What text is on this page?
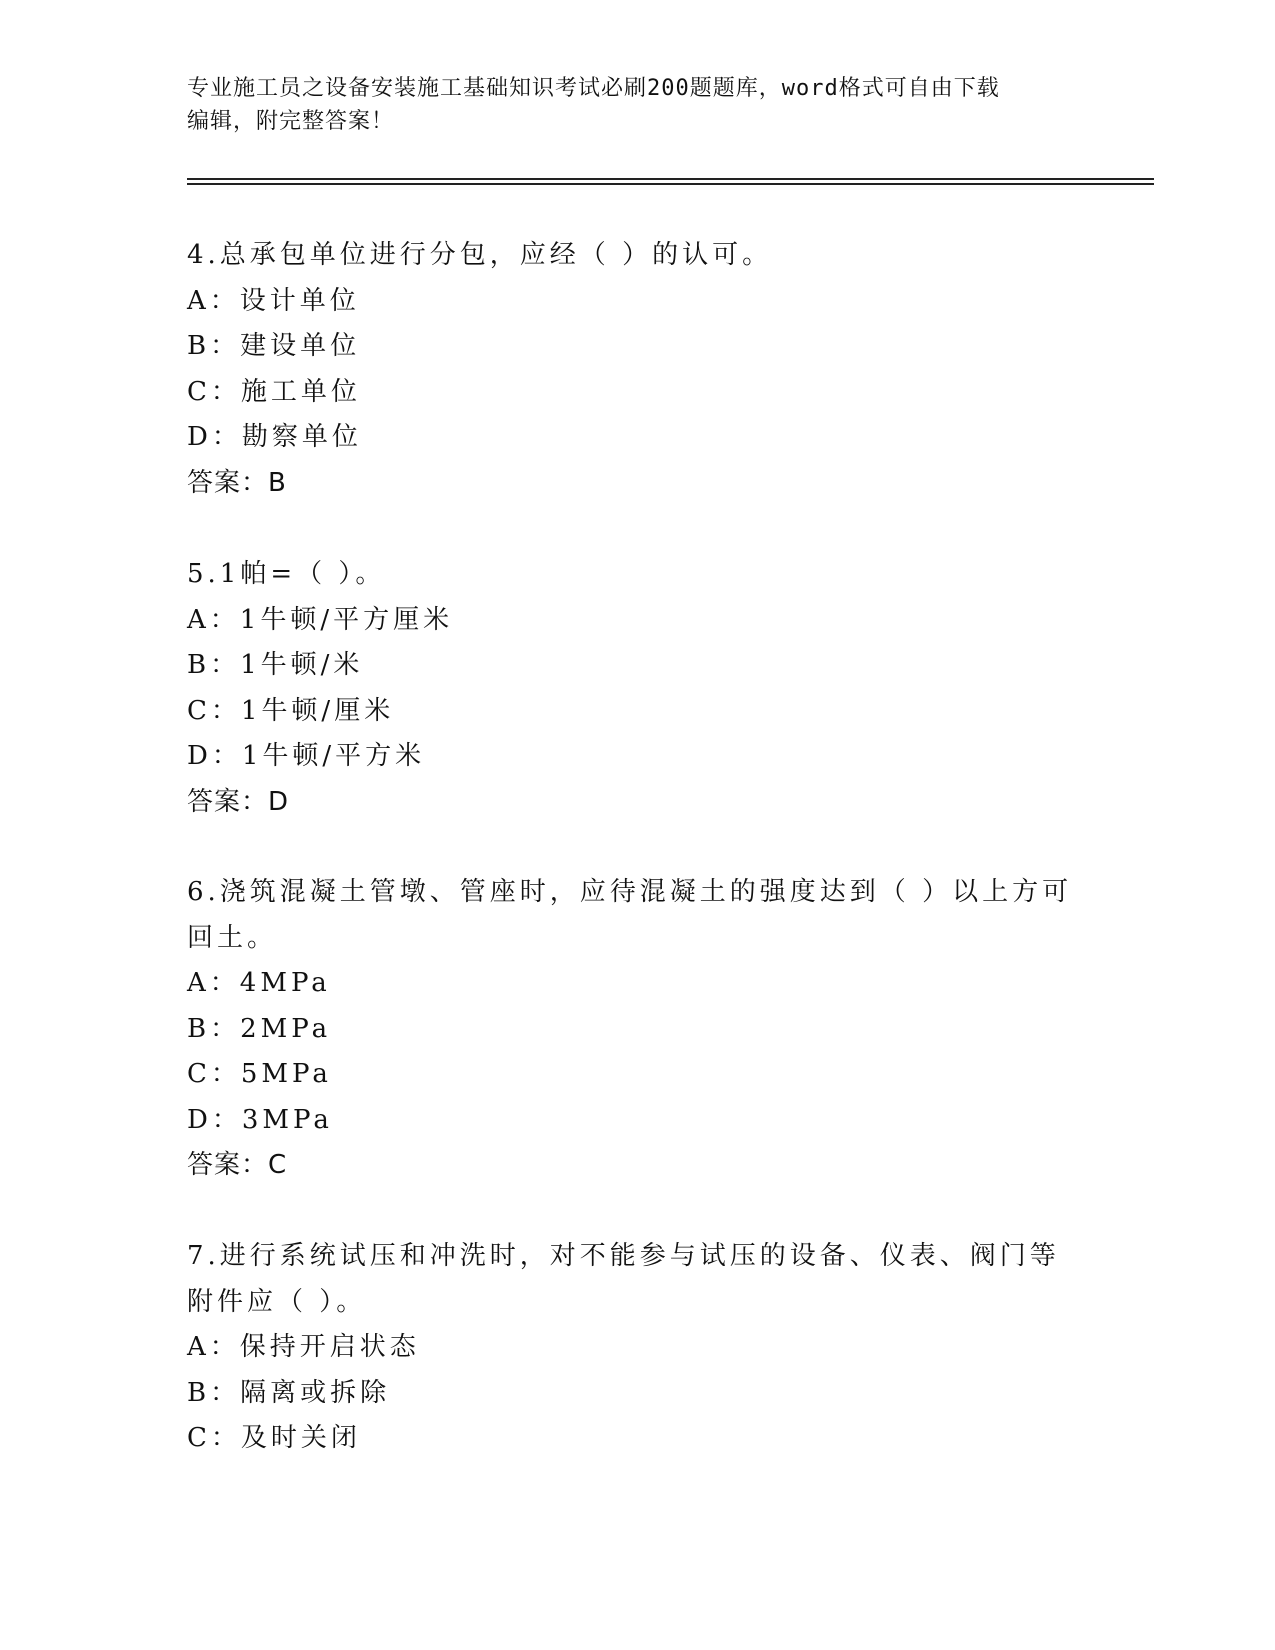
专业施工员之设备安装施工基础知识考试必刷200题题库，word格式可自由下载
编辑，附完整答案！
4.总承包单位进行分包，应经（ ）的认可。
A：设计单位
B：建设单位
C：施工单位
D：勘察单位
答案：B
5.1帕=（ ）。
A：1牛顿/平方厘米
B：1牛顿/米
C：1牛顿/厘米
D：1牛顿/平方米
答案：D
6.浇筑混凝土管墩、管座时，应待混凝土的强度达到（ ）以上方可回土。
A：4MPa
B：2MPa
C：5MPa
D：3MPa
答案：C
7.进行系统试压和冲洗时，对不能参与试压的设备、仪表、阀门等附件应（ ）。
A：保持开启状态
B：隔离或拆除
C：及时关闭
